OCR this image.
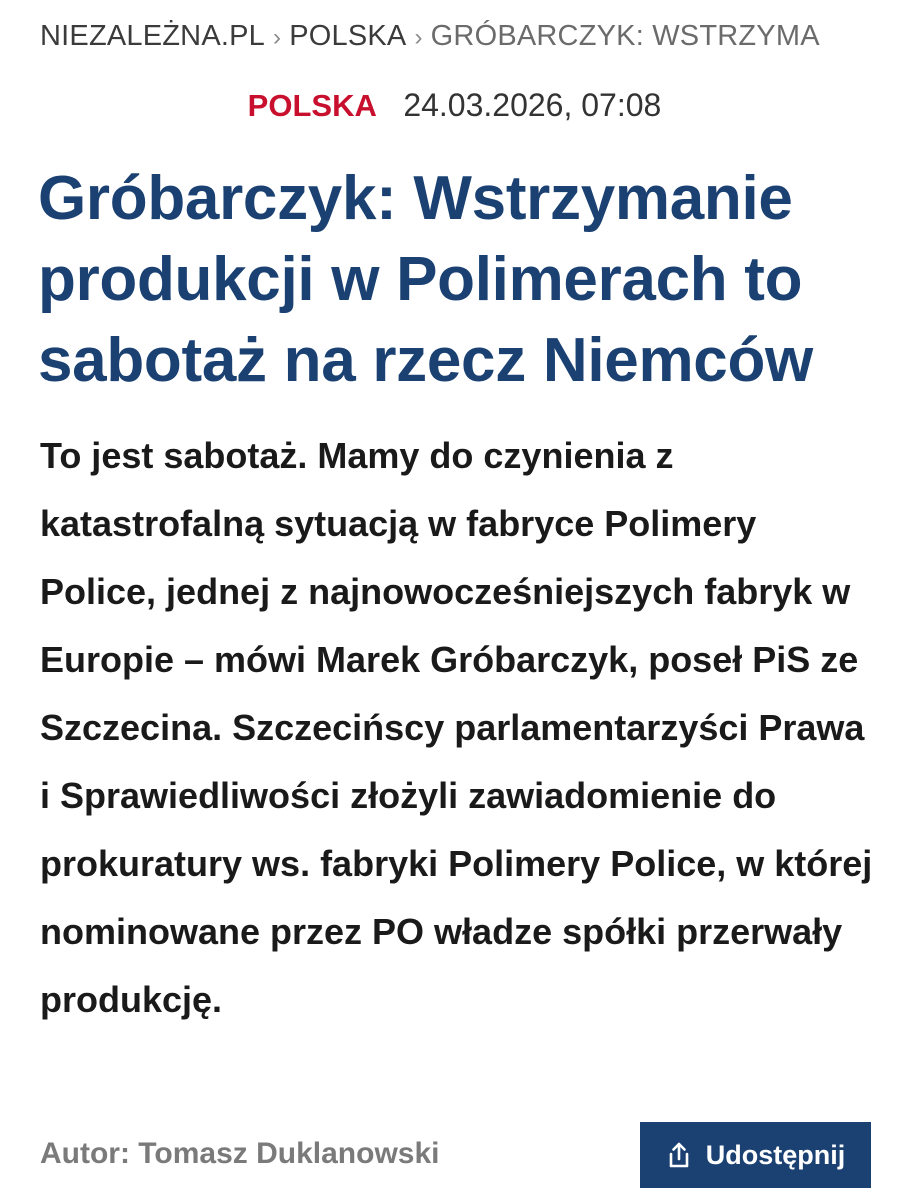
NIEZALEŻNA.PL › POLSKA › GRÓBARCZYK: WSTRZYMA
POLSKA 24.03.2026, 07:08
Gróbarczyk: Wstrzymanie produkcji w Polimerach to sabotaż na rzecz Niemców

To jest sabotaż. Mamy do czynienia z katastrofalną sytuacją w fabryce Polimery Police, jednej z najnowocześniejszych fabryk w Europie – mówi Marek Gróbarczyk, poseł PiS ze Szczecina. Szczecińscy parlamentarzyści Prawa i Sprawiedliwości złożyli zawiadomienie do prokuratury ws. fabryki Polimery Police, w której nominowane przez PO władze spółki przerwały produkcję.

Autor: Tomasz Duklanowski	Udostępnij
